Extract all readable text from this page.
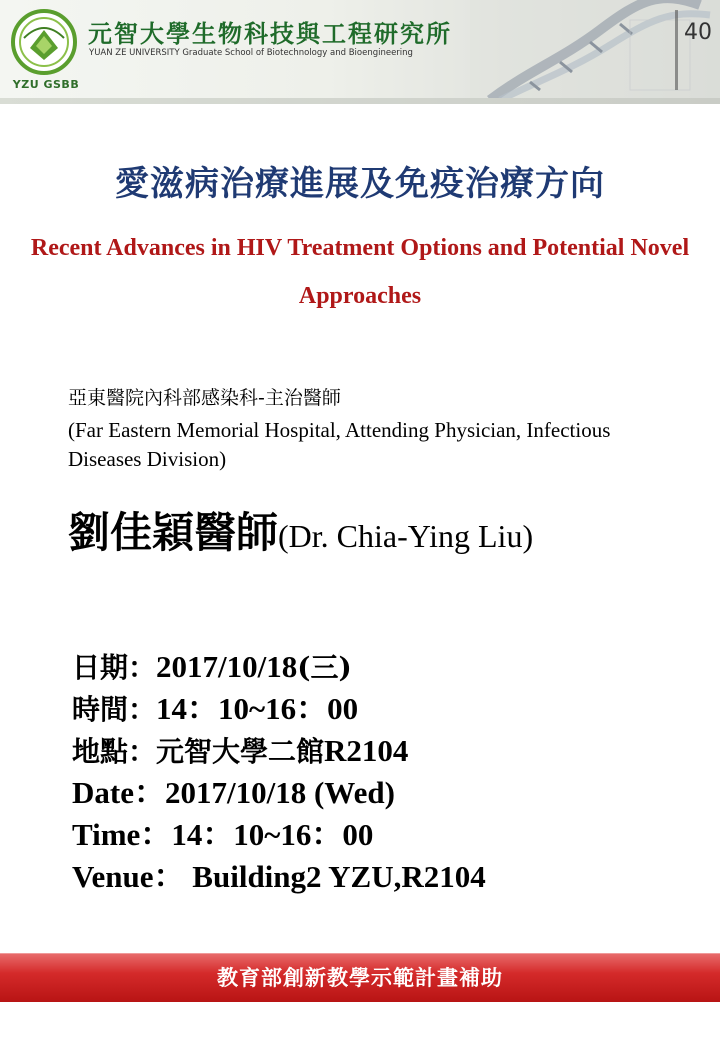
YZU GSBB
元智大學生物科技與工程研究所
YUAN ZE UNIVERSITY Graduate School of Biotechnology and Bioengineering
40
愛滋病治療進展及免疫治療方向
Recent Advances in HIV Treatment Options and Potential Novel Approaches
亞東醫院內科部感染科-主治醫師
(Far Eastern Memorial Hospital, Attending Physician, Infectious Diseases Division)
劉佳穎醫師(Dr. Chia-Ying Liu)
日期：2017/10/18(三)
時間：14：10~16：00
地點：元智大學二館R2104
Date：2017/10/18 (Wed)
Time：14：10~16：00
Venue： Building2 YZU,R2104
教育部創新教學示範計畫補助
